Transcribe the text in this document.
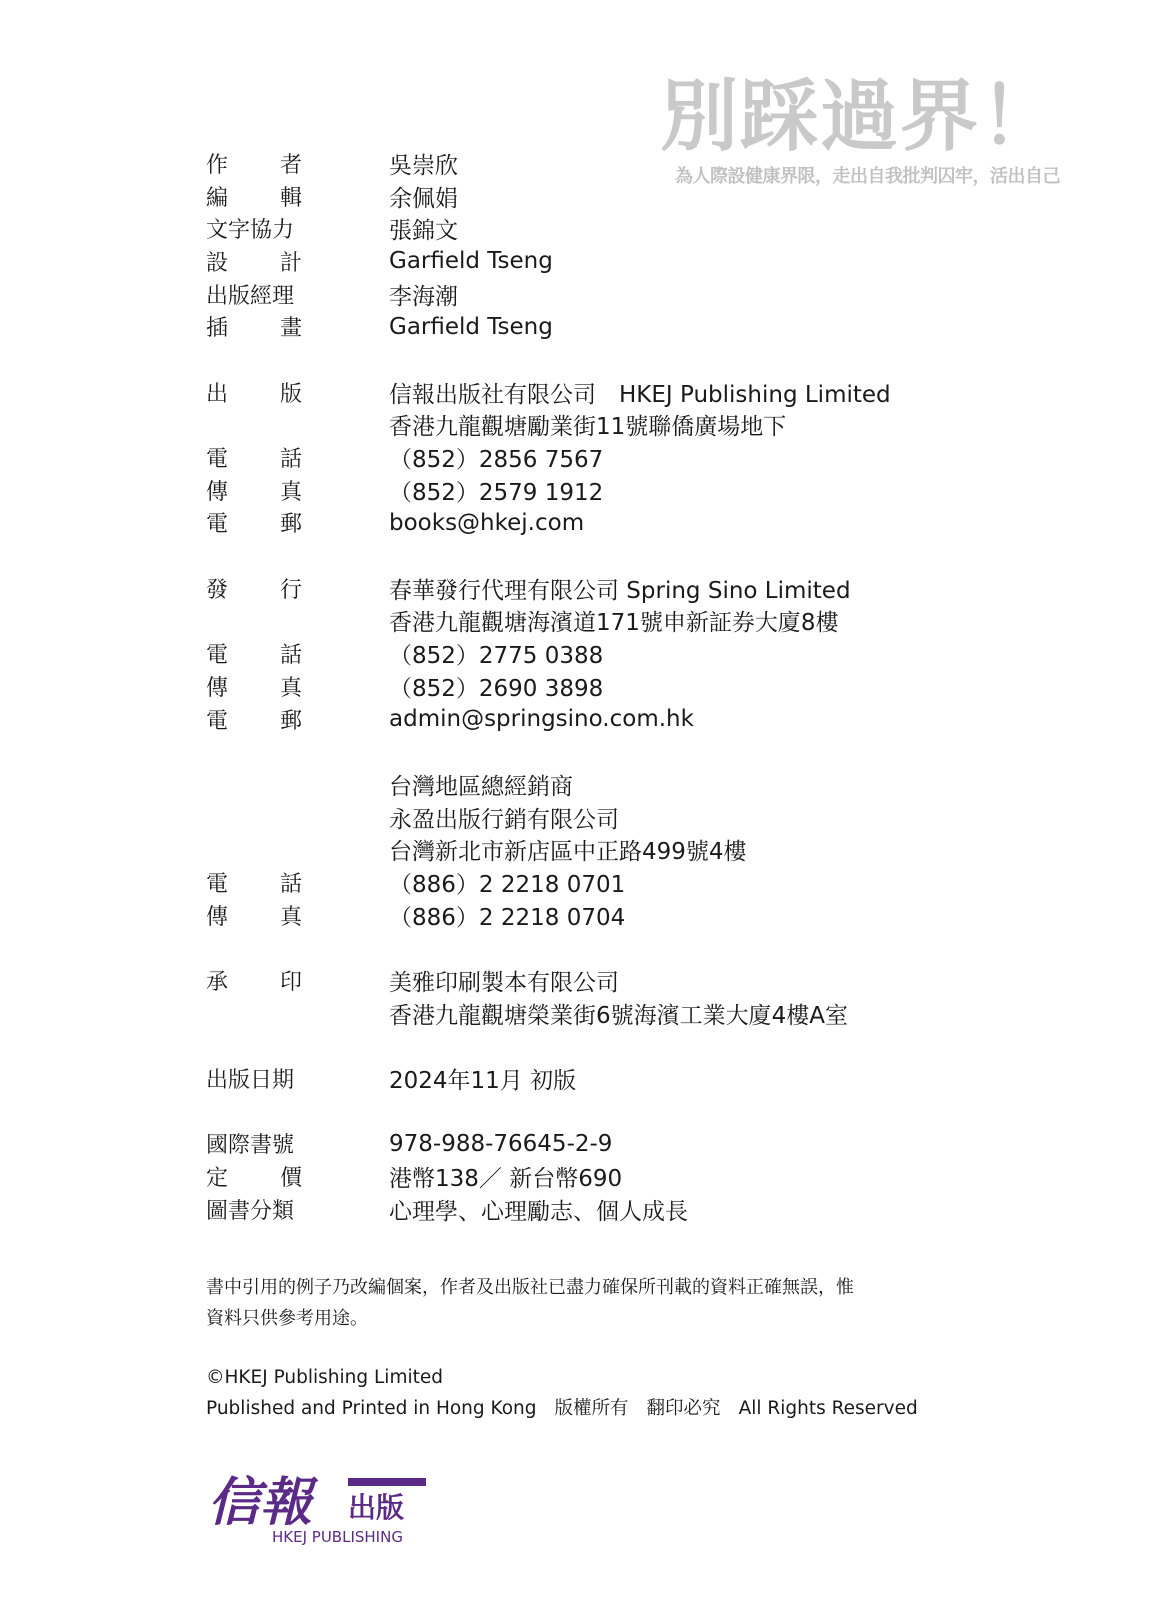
別踩過界！
為人際設健康界限，走出自我批判囚牢，活出自己
作 者	吳崇欣
編 輯	余佩娟
文字協力	張錦文
設 計	Garfield Tseng
出版經理	李海潮
插 畫	Garfield Tseng
出 版	信報出版社有限公司　HKEJ Publishing Limited
香港九龍觀塘勵業街11號聯僑廣場地下
電 話	（852）2856 7567
傳 真	（852）2579 1912
電 郵	books@hkej.com
發 行	春華發行代理有限公司 Spring Sino Limited
香港九龍觀塘海濱道171號申新証券大廈8樓
電 話	（852）2775 0388
傳 真	（852）2690 3898
電 郵	admin@springsino.com.hk
台灣地區總經銷商
永盈出版行銷有限公司
台灣新北市新店區中正路499號4樓
電 話	（886）2 2218 0701
傳 真	（886）2 2218 0704
承 印	美雅印刷製本有限公司
香港九龍觀塘榮業街6號海濱工業大廈4樓A室
出版日期	2024年11月 初版
國際書號	978-988-76645-2-9
定 價	港幣138／ 新台幣690
圖書分類	心理學、心理勵志、個人成長
書中引用的例子乃改編個案，作者及出版社已盡力確保所刊載的資料正確無誤，惟
資料只供參考用途。
©HKEJ Publishing Limited
Published and Printed in Hong Kong 版權所有 翻印必究 All Rights Reserved
信報 出版
HKEJ PUBLISHING
